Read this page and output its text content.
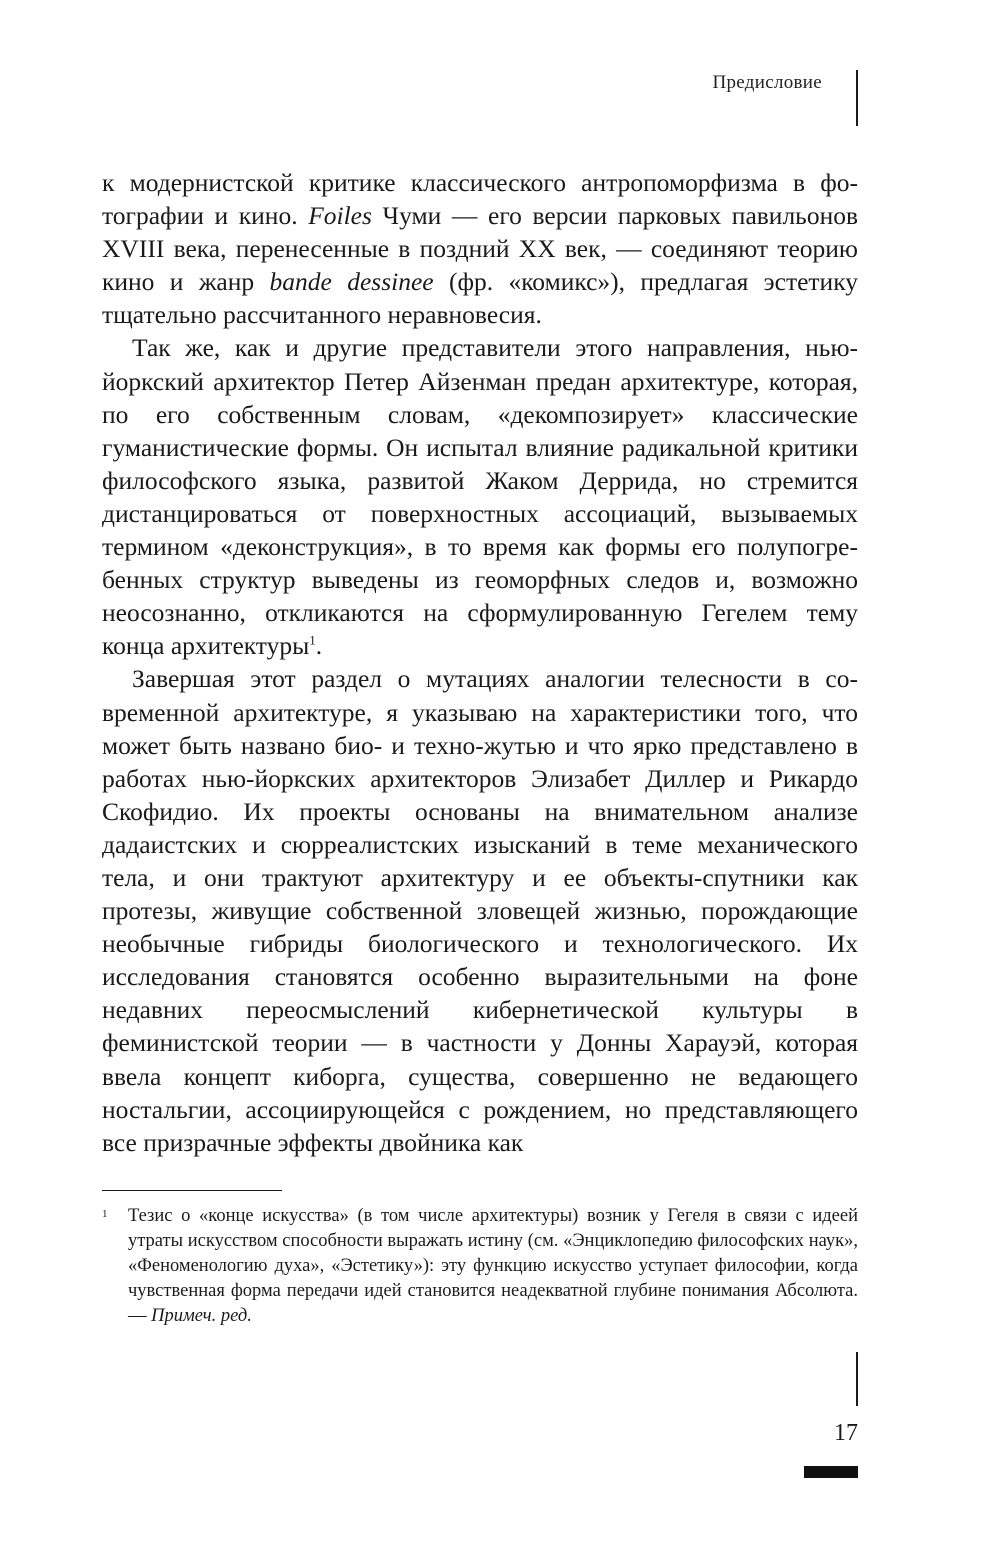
Предисловие

к модернистской критике классического антропоморфизма в фотографии и кино. Foiles Чуми — его версии парковых павильонов XVIII века, перенесенные в поздний XX век, — соединяют теорию кино и жанр bande dessinee (фр. «комикс»), предлагая эстетику тщательно рассчитанного неравновесия.

Так же, как и другие представители этого направления, ньюйоркский архитектор Петер Айзенман предан архитектуре, которая, по его собственным словам, «декомпозирует» классические гуманистические формы. Он испытал влияние радикальной критики философского языка, развитой Жаком Деррида, но стремится дистанцироваться от поверхностных ассоциаций, вызываемых термином «деконструкция», в то время как формы его полупогребенных структур выведены из геоморфных следов и, возможно неосознанно, откликаются на сформулированную Гегелем тему конца архитектуры$^1$.

Завершая этот раздел о мутациях аналогии телесности в современной архитектуре, я указываю на характеристики того, что может быть названо био- и техно-жутью и что ярко представлено в работах нью-йоркских архитекторов Элизабет Диллер и Рикардо Скофидио. Их проекты основаны на внимательном анализе дадаистских и сюрреалистских изысканий в теме механического тела, и они трактуют архитектуру и ее объекты-спутники как протезы, живущие собственной зловещей жизнью, порождающие необычные гибриды биологического и технологического. Их исследования становятся особенно выразительными на фоне недавних переосмыслений кибернетической культуры в феминистской теории — в частности у Донны Харауэй, которая ввела концепт киборга, существа, совершенно не ведающего ностальгии, ассоциирующейся с рождением, но представляющего все призрачные эффекты двойника как

1 Тезис о «конце искусства» (в том числе архитектуры) возник у Гегеля в связи с идеей утраты искусством способности выражать истину (см. «Энциклопедию философских наук», «Феноменологию духа», «Эстетику»): эту функцию искусство уступает философии, когда чувственная форма передачи идей становится неадекватной глубине понимания Абсолюта. — Примеч. ред.
17
